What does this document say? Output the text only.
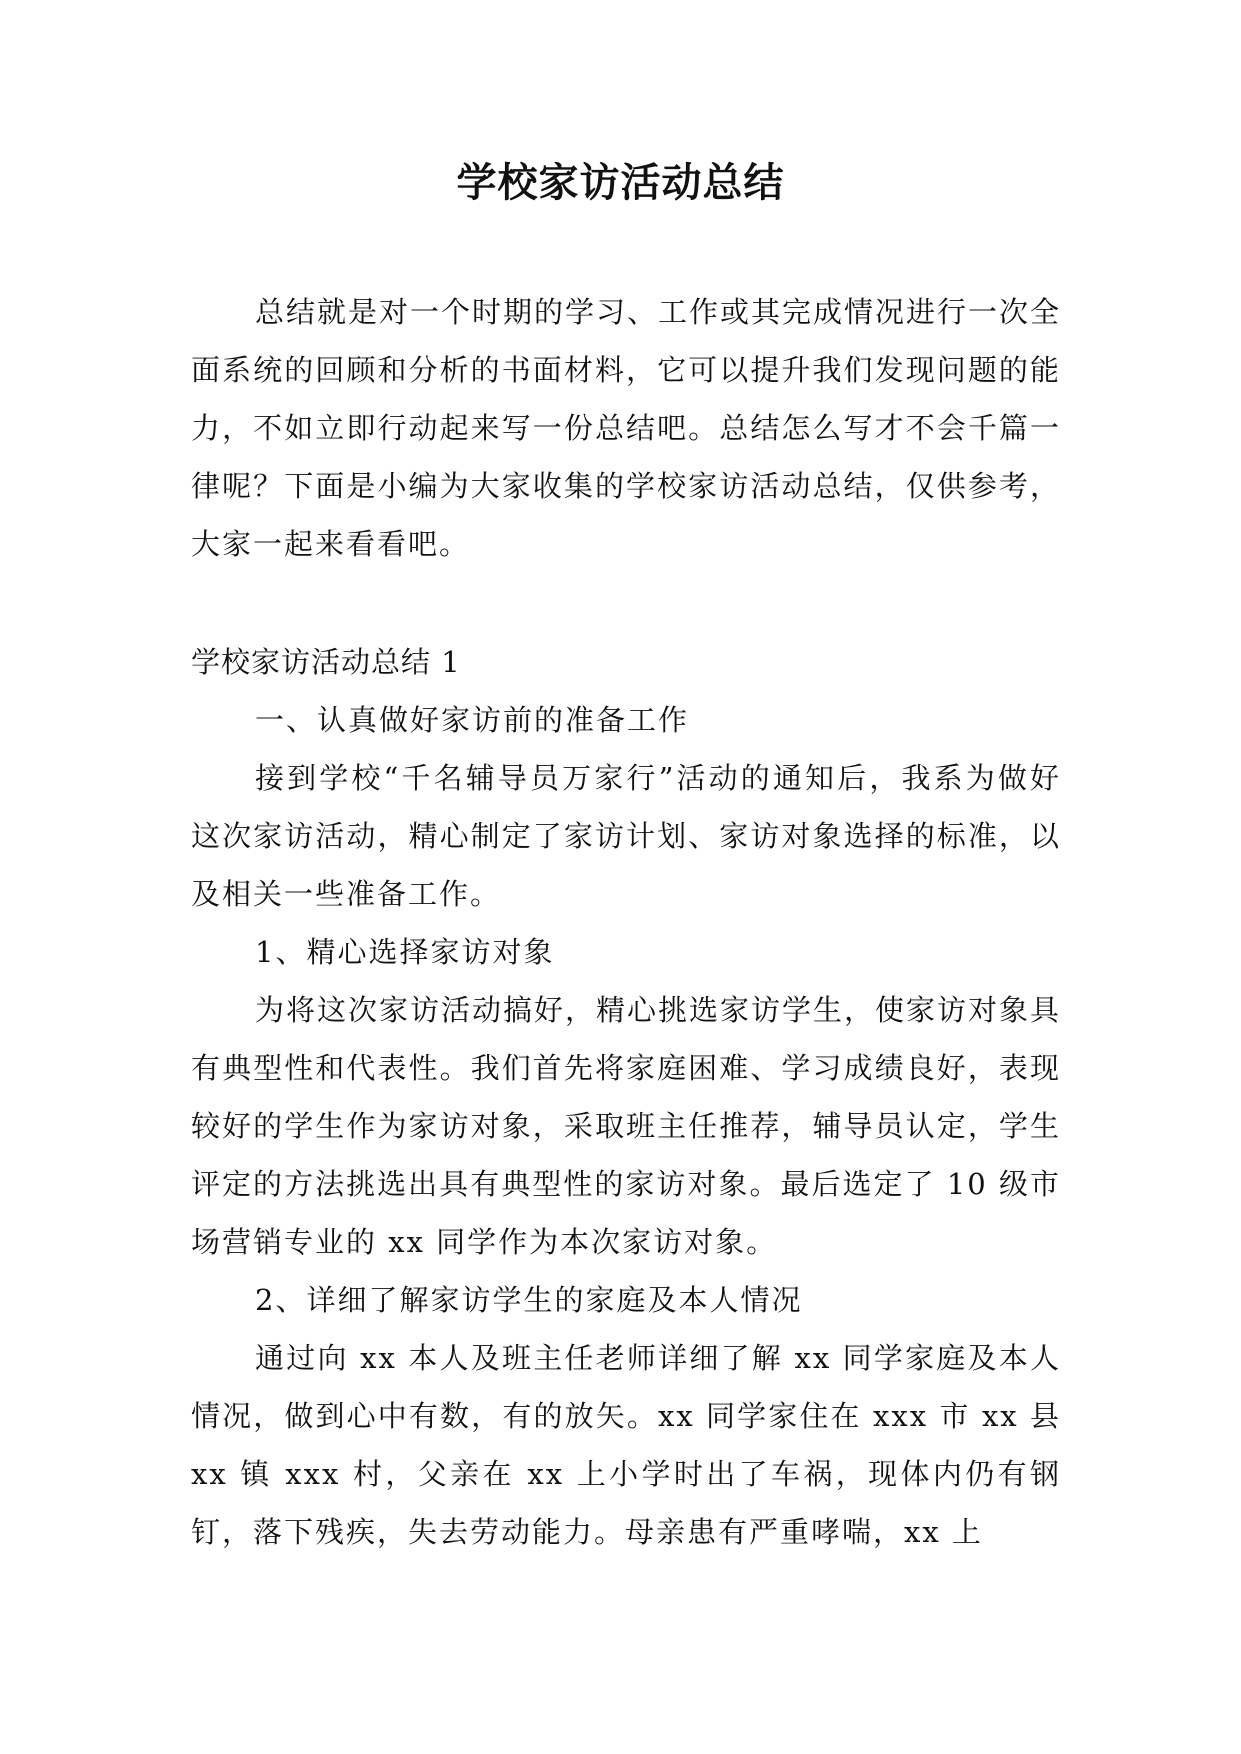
学校家访活动总结

总结就是对一个时期的学习、工作或其完成情况进行一次全面系统的回顾和分析的书面材料，它可以提升我们发现问题的能力，不如立即行动起来写一份总结吧。总结怎么写才不会千篇一律呢？下面是小编为大家收集的学校家访活动总结，仅供参考，大家一起来看看吧。

学校家访活动总结 1

一、认真做好家访前的准备工作

接到学校“千名辅导员万家行”活动的通知后，我系为做好这次家访活动，精心制定了家访计划、家访对象选择的标准，以及相关一些准备工作。

1、精心选择家访对象

为将这次家访活动搞好，精心挑选家访学生，使家访对象具有典型性和代表性。我们首先将家庭困难、学习成绩良好，表现较好的学生作为家访对象，采取班主任推荐，辅导员认定，学生评定的方法挑选出具有典型性的家访对象。最后选定了 10 级市场营销专业的 xx 同学作为本次家访对象。

2、详细了解家访学生的家庭及本人情况

通过向 xx 本人及班主任老师详细了解 xx 同学家庭及本人情况，做到心中有数，有的放矢。xx 同学家住在 xxx 市 xx 县 xx 镇 xxx 村，父亲在 xx 上小学时出了车祸，现体内仍有钢钉，落下残疾，失去劳动能力。母亲患有严重哮喘，xx 上
